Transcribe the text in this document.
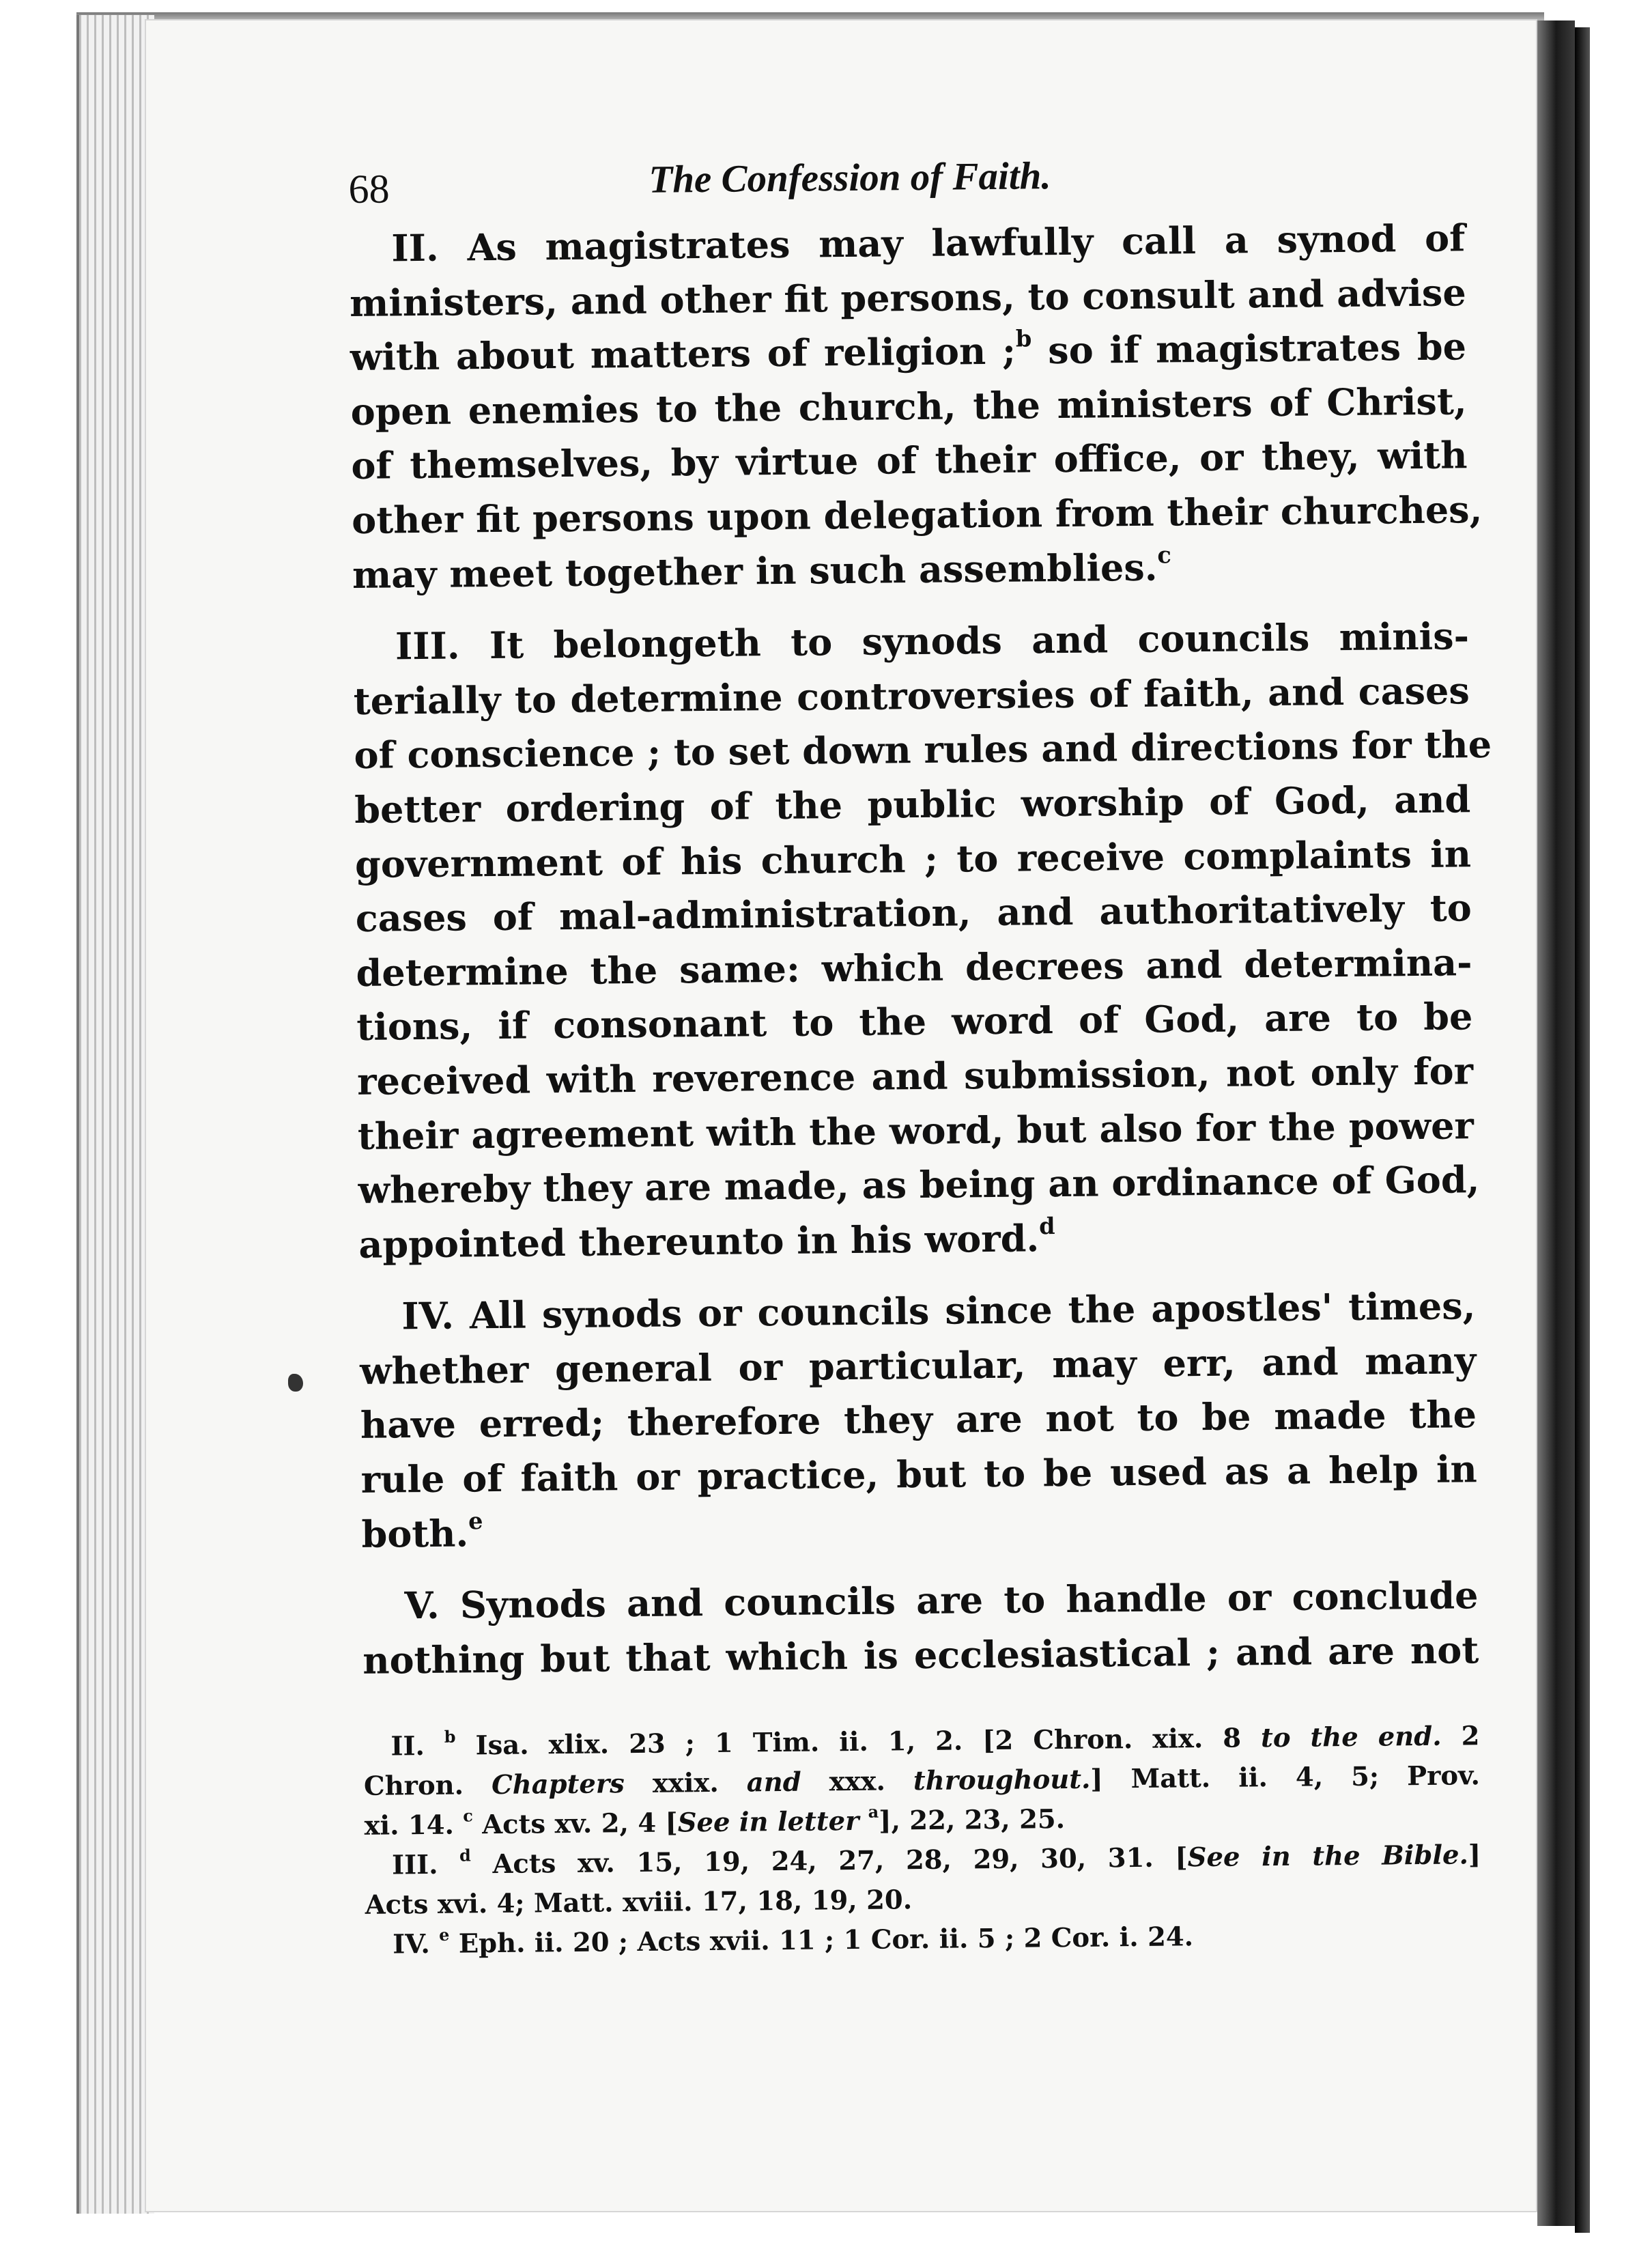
68	The Confession of Faith.
II. As magistrates may lawfully call a synod of
ministers, and other fit persons, to consult and advise
with about matters of religion ;$^b$ so if magistrates be
open enemies to the church, the ministers of Christ,
of themselves, by virtue of their office, or they, with
other fit persons upon delegation from their churches,
may meet together in such assemblies.$^c$
III. It belongeth to synods and councils minis-
terially to determine controversies of faith, and cases
of conscience ; to set down rules and directions for the
better ordering of the public worship of God, and
government of his church ; to receive complaints in
cases of mal-administration, and authoritatively to
determine the same: which decrees and determina-
tions, if consonant to the word of God, are to be
received with reverence and submission, not only for
their agreement with the word, but also for the power
whereby they are made, as being an ordinance of God,
appointed thereunto in his word.$^d$
IV. All synods or councils since the apostles' times,
whether general or particular, may err, and many
have erred; therefore they are not to be made the
rule of faith or practice, but to be used as a help in
both.$^e$
V. Synods and councils are to handle or conclude
nothing but that which is ecclesiastical ; and are not
II. $^b$ Isa. xlix. 23 ; 1 Tim. ii. 1, 2. [2 Chron. xix. 8 to the end. 2
Chron. Chapters xxix. and xxx. throughout.] Matt. ii. 4, 5; Prov.
xi. 14. $^c$ Acts xv. 2, 4 [See in letter $^a$], 22, 23, 25.
III. $^d$ Acts xv. 15, 19, 24, 27, 28, 29, 30, 31. [See in the Bible.]
Acts xvi. 4; Matt. xviii. 17, 18, 19, 20.
IV. $^e$ Eph. ii. 20 ; Acts xvii. 11 ; 1 Cor. ii. 5 ; 2 Cor. i. 24.
